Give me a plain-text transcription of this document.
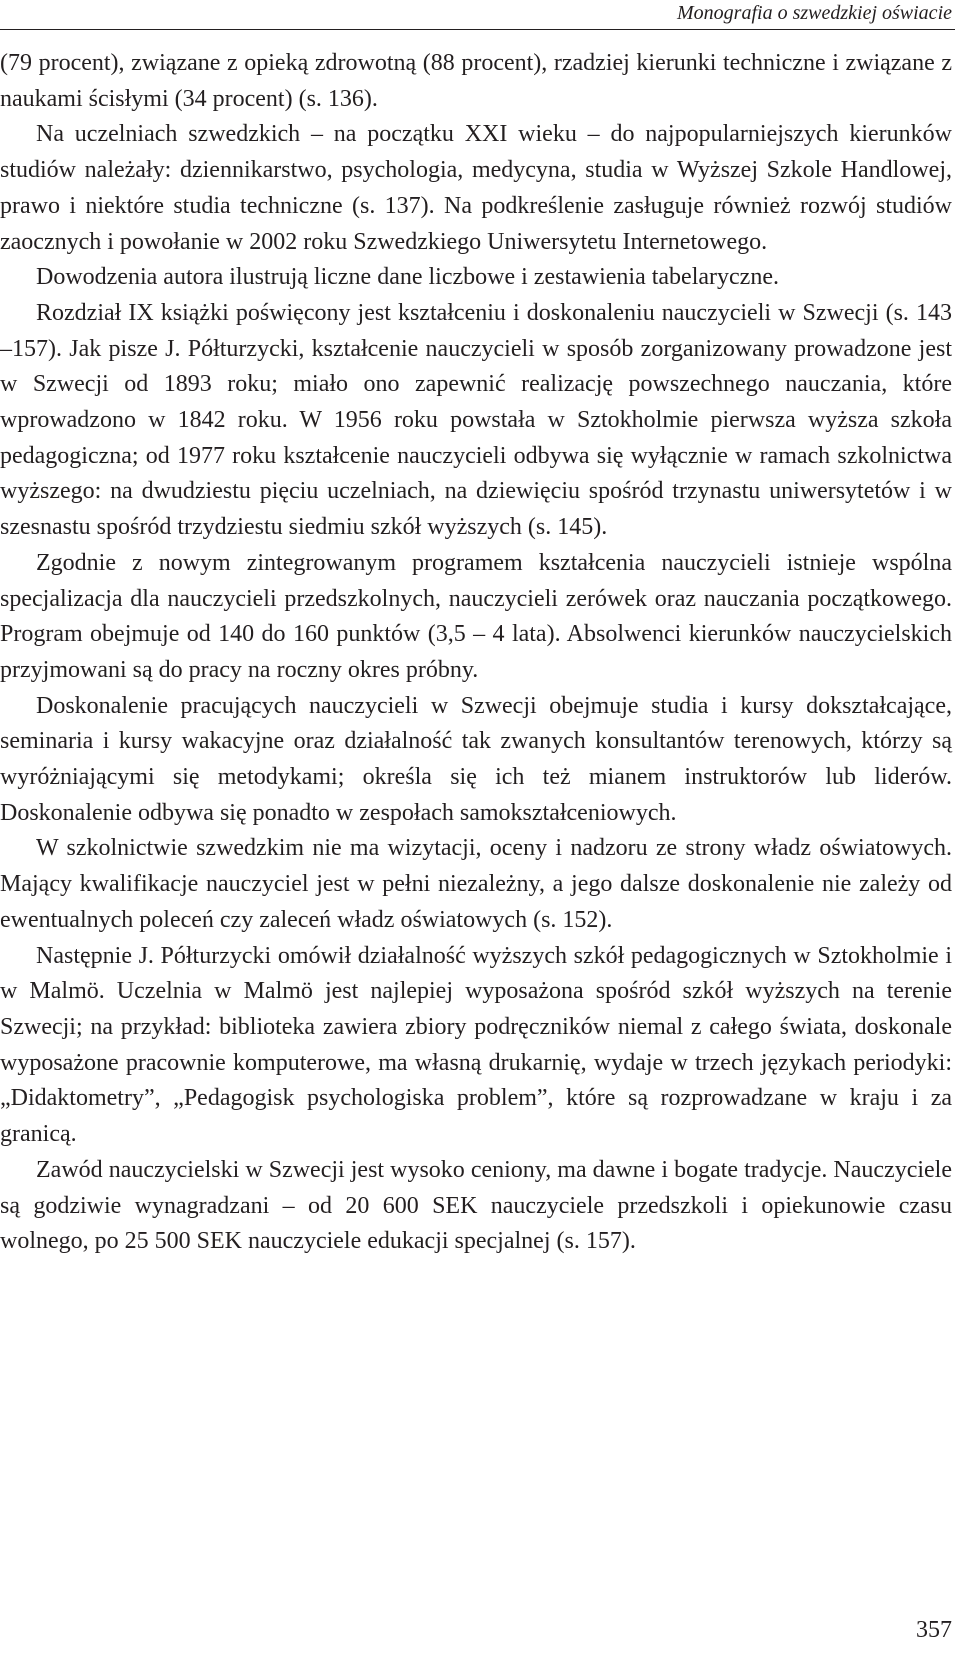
Monografia o szwedzkiej oświacie

(79 procent), związane z opieką zdrowotną (88 procent), rzadziej kierunki techniczne i związane z naukami ścisłymi (34 procent) (s. 136).

Na uczelniach szwedzkich – na początku XXI wieku – do najpopularniejszych kierunków studiów należały: dziennikarstwo, psychologia, medycyna, studia w Wyższej Szkole Handlowej, prawo i niektóre studia techniczne (s. 137). Na podkreślenie zasługuje również rozwój studiów zaocznych i powołanie w 2002 roku Szwedzkiego Uniwersytetu Internetowego.

Dowodzenia autora ilustrują liczne dane liczbowe i zestawienia tabelaryczne.

Rozdział IX książki poświęcony jest kształceniu i doskonaleniu nauczycieli w Szwecji (s. 143 –157). Jak pisze J. Półturzycki, kształcenie nauczycieli w sposób zorganizowany prowadzone jest w Szwecji od 1893 roku; miało ono zapewnić realizację powszechnego nauczania, które wprowadzono w 1842 roku. W 1956 roku powstała w Sztokholmie pierwsza wyższa szkoła pedagogiczna; od 1977 roku kształcenie nauczycieli odbywa się wyłącznie w ramach szkolnictwa wyższego: na dwudziestu pięciu uczelniach, na dziewięciu spośród trzynastu uniwersytetów i w szesnastu spośród trzydziestu siedmiu szkół wyższych (s. 145).

Zgodnie z nowym zintegrowanym programem kształcenia nauczycieli istnieje wspólna specjalizacja dla nauczycieli przedszkolnych, nauczycieli zerówek oraz nauczania początkowego. Program obejmuje od 140 do 160 punktów (3,5 – 4 lata). Absolwenci kierunków nauczycielskich przyjmowani są do pracy na roczny okres próbny.

Doskonalenie pracujących nauczycieli w Szwecji obejmuje studia i kursy dokształcające, seminaria i kursy wakacyjne oraz działalność tak zwanych konsultantów terenowych, którzy są wyróżniającymi się metodykami; określa się ich też mianem instruktorów lub liderów. Doskonalenie odbywa się ponadto w zespołach samokształceniowych.

W szkolnictwie szwedzkim nie ma wizytacji, oceny i nadzoru ze strony władz oświatowych. Mający kwalifikacje nauczyciel jest w pełni niezależny, a jego dalsze doskonalenie nie zależy od ewentualnych poleceń czy zaleceń władz oświatowych (s. 152).

Następnie J. Półturzycki omówił działalność wyższych szkół pedagogicznych w Sztokholmie i w Malmö. Uczelnia w Malmö jest najlepiej wyposażona spośród szkół wyższych na terenie Szwecji; na przykład: biblioteka zawiera zbiory podręczników niemal z całego świata, doskonale wyposażone pracownie komputerowe, ma własną drukarnię, wydaje w trzech językach periodyki: „Didaktometry”, „Pedagogisk psychologiska problem”, które są rozprowadzane w kraju i za granicą.

Zawód nauczycielski w Szwecji jest wysoko ceniony, ma dawne i bogate tradycje. Nauczyciele są godziwie wynagradzani – od 20 600 SEK nauczyciele przedszkoli i opiekunowie czasu wolnego, po 25 500 SEK nauczyciele edukacji specjalnej (s. 157).

357
